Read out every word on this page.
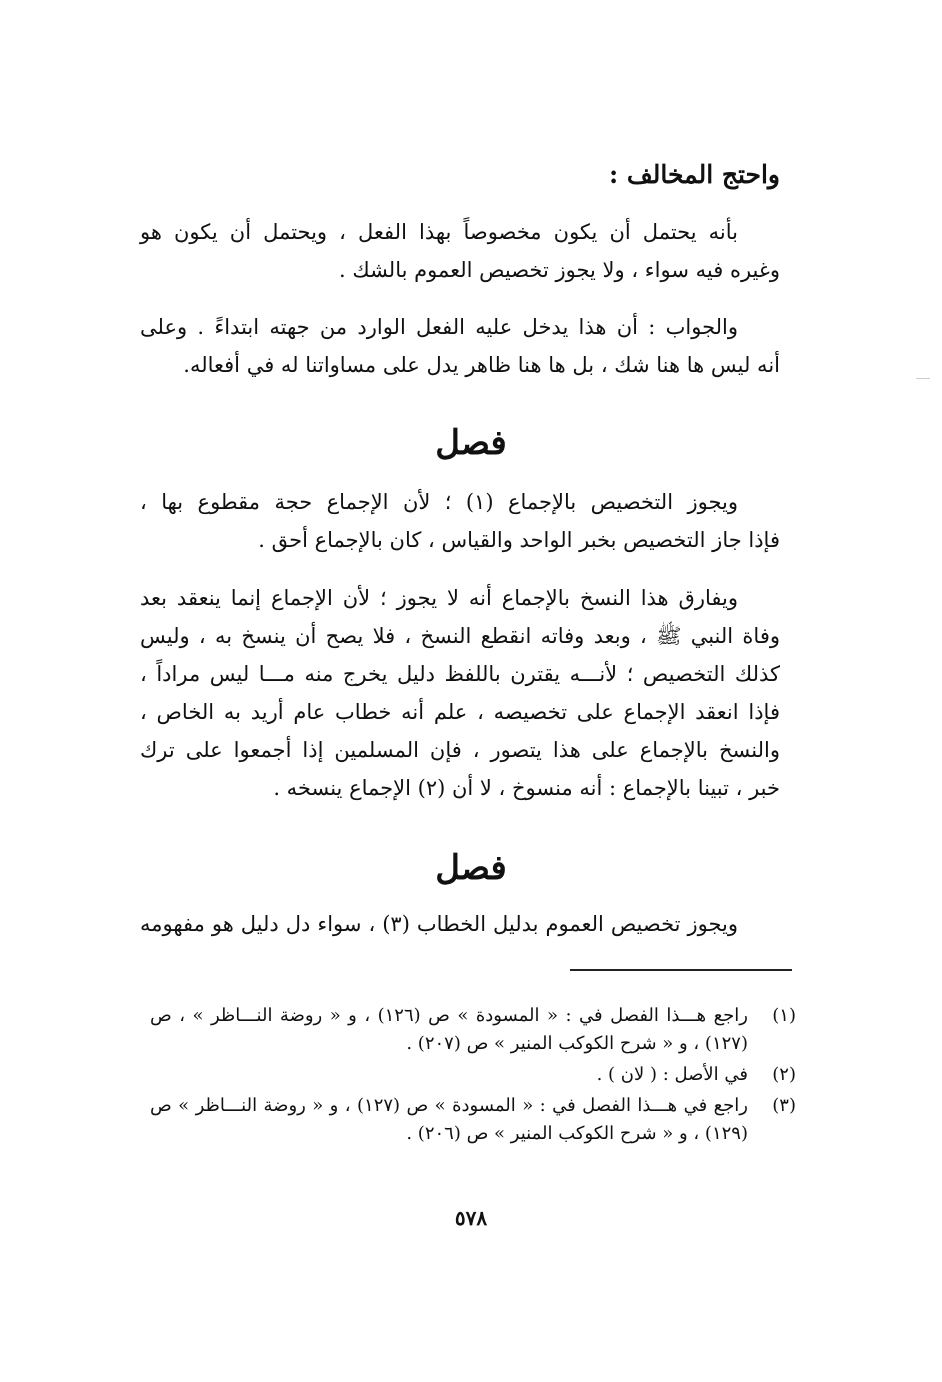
واحتج المخالف :
بأنه يحتمل أن يكون مخصوصاً بهذا الفعل ، ويحتمل أن يكون هو
وغيره فيه سواء ، ولا يجوز تخصيص العموم بالشك .
والجواب : أن هذا يدخل عليه الفعل الوارد من جهته ابتداءً . وعلى
أنه ليس ها هنا شك ، بل ها هنا ظاهر يدل على مساواتنا له في أفعاله.
فصل
ويجوز التخصيص بالإجماع (١) ؛ لأن الإجماع حجة مقطوع بها ،
فإذا جاز التخصيص بخبر الواحد والقياس ، كان بالإجماع أحق .
ويفارق هذا النسخ بالإجماع أنه لا يجوز ؛ لأن الإجماع إنما ينعقد بعد
وفاة النبي ﷺ ، وبعد وفاته انقطع النسخ ، فلا يصح أن ينسخ به ، وليس
كذلك التخصيص ؛ لأنـــه يقترن باللفظ دليل يخرج منه مـــا ليس مراداً ،
فإذا انعقد الإجماع على تخصيصه ، علم أنه خطاب عام أريد به الخاص ،
والنسخ بالإجماع على هذا يتصور ، فإن المسلمين إذا أجمعوا على ترك
خبر ، تبينا بالإجماع : أنه منسوخ ، لا أن (٢) الإجماع ينسخه .
فصل
ويجوز تخصيص العموم بدليل الخطاب (٣) ، سواء دل دليل هو مفهومه
(١)
راجع هـــذا الفصل في : « المسودة » ص (١٢٦) ، و « روضة النـــاظر » ، ص
(١٢٧) ، و « شرح الكوكب المنير » ص (٢٠٧) .
(٢)
في الأصل : ( لان ) .
(٣)
راجع في هـــذا الفصل في : « المسودة » ص (١٢٧) ، و « روضة النـــاظر » ص
(١٢٩) ، و « شرح الكوكب المنير » ص (٢٠٦) .
٥٧٨
